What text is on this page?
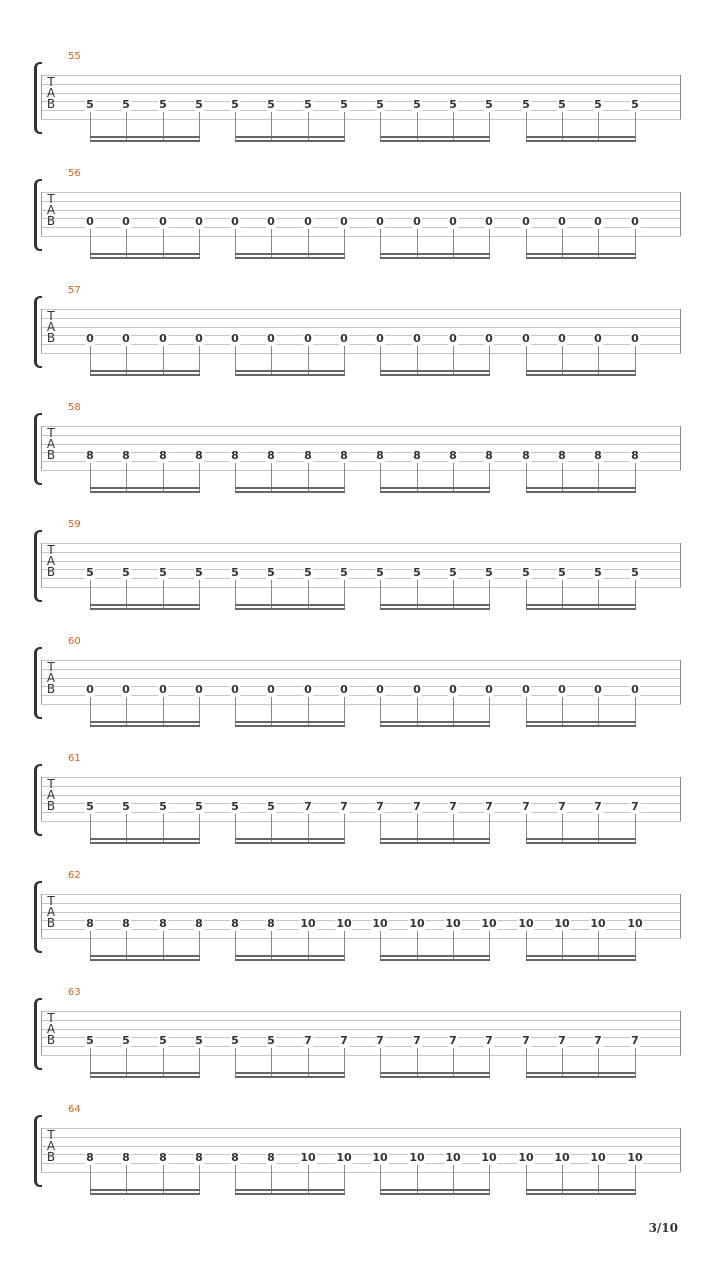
55
T
A
B	5	5	5	5	5	5	5	5	5	5	5	5	5	5	5	5
56
T
A
B	0	0	0	0	0	0	0	0	0	0	0	0	0	0	0	0
57
T
A
B	0	0	0	0	0	0	0	0	0	0	0	0	0	0	0	0
58
T
A
B	8	8	8	8	8	8	8	8	8	8	8	8	8	8	8	8
59
T
A
B	5	5	5	5	5	5	5	5	5	5	5	5	5	5	5	5
60
T
A
B	0	0	0	0	0	0	0	0	0	0	0	0	0	0	0	0
61
T
A
B	5	5	5	5	5	5	7	7	7	7	7	7	7	7	7	7
62
T
A
B	8	8	8	8	8	8 10 10 10 10 10 10 10 10 10 10
63
T
A
B	5	5	5	5	5	5	7	7	7	7	7	7	7	7	7	7
64
T
A
B	8	8	8	8	8	8 10 10 10 10 10 10 10 10 10 10
3/10
